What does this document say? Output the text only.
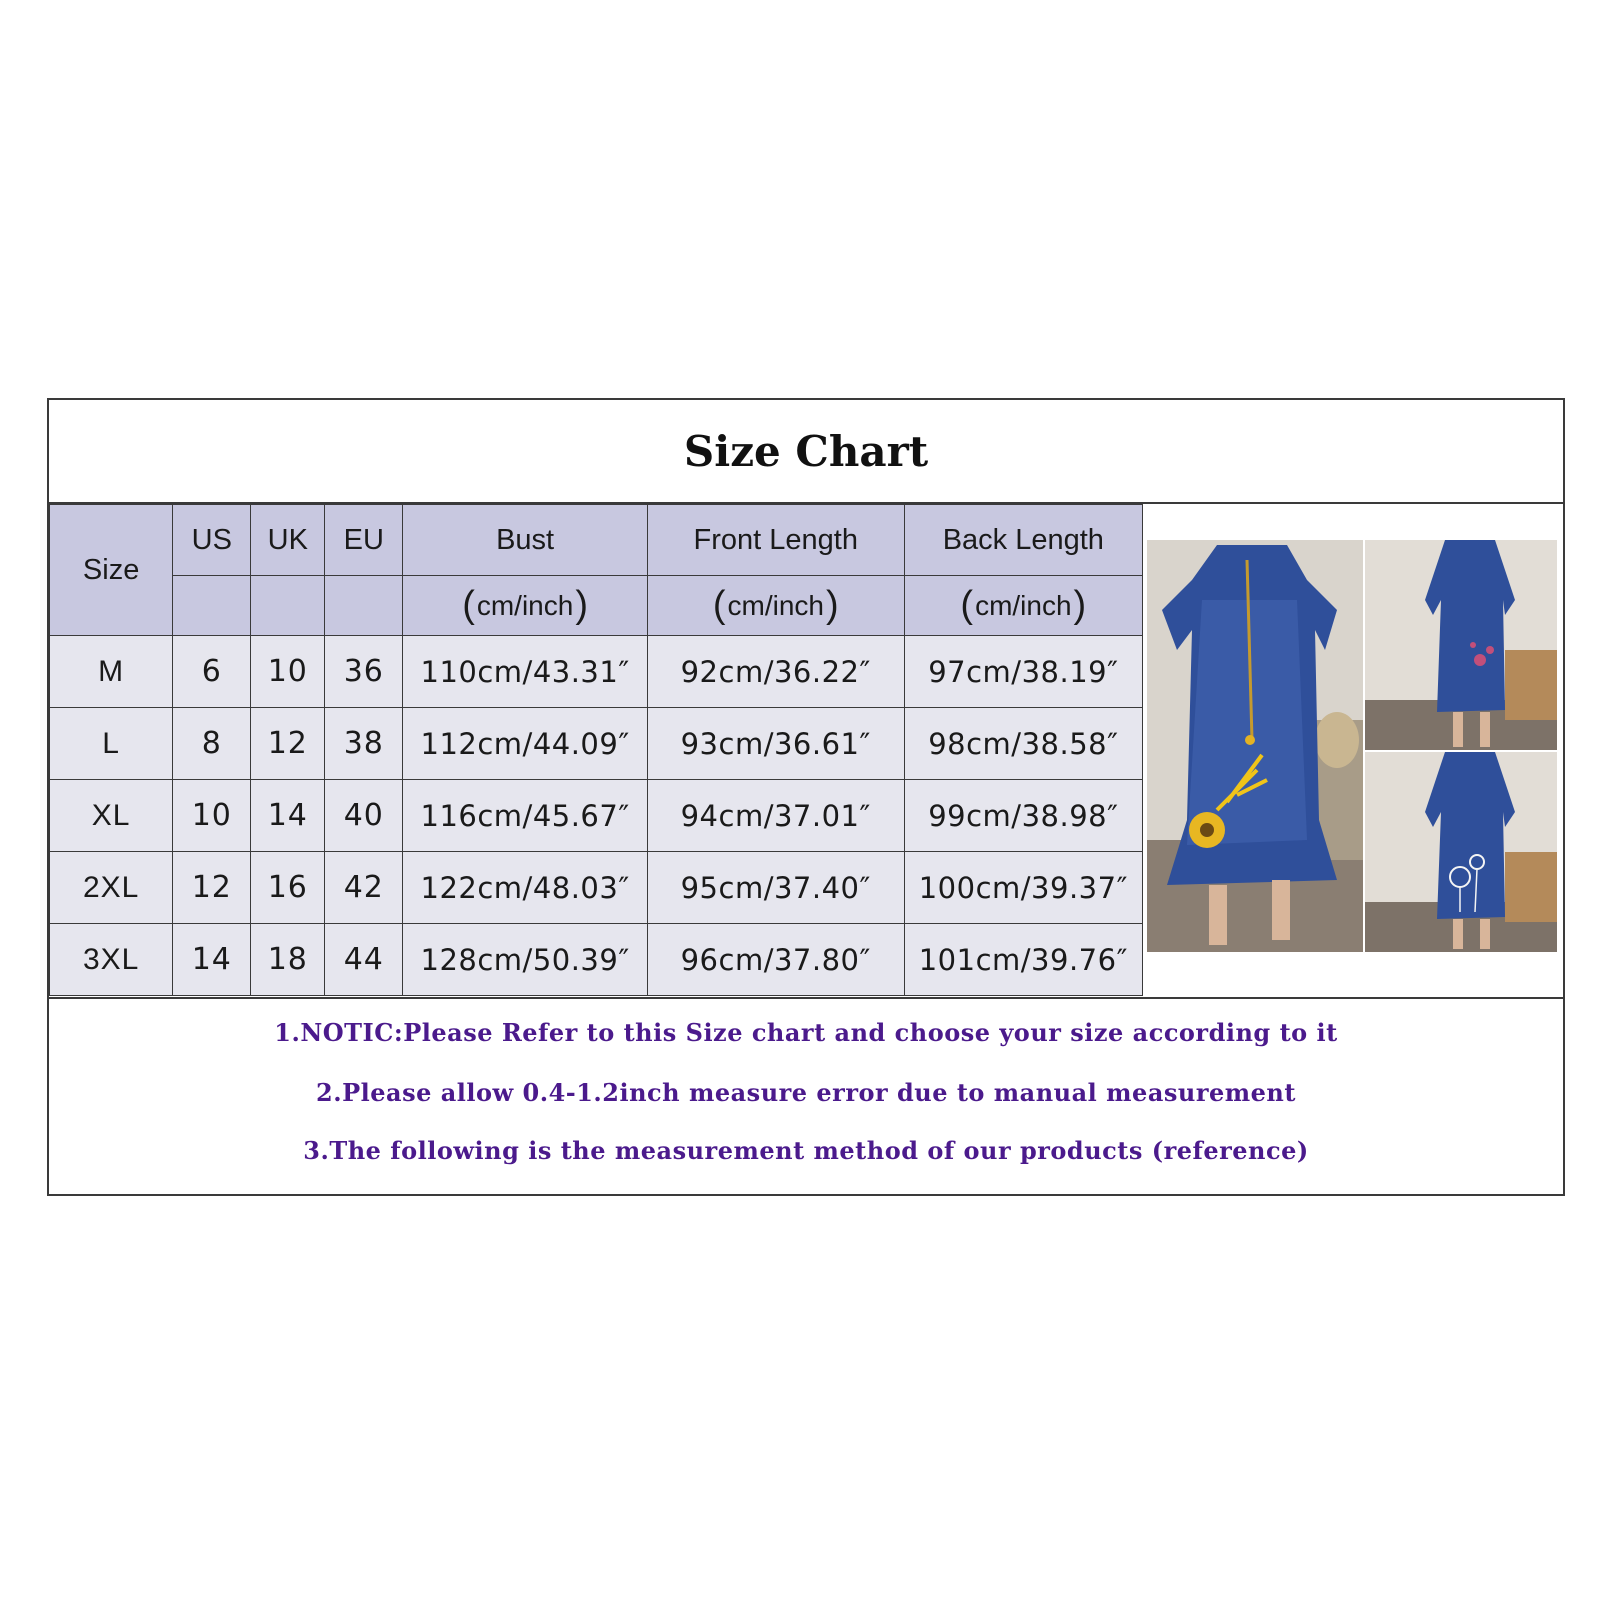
Size Chart
Size	US	UK	EU	Bust	Front Length	Back Length
				(cm/inch)	(cm/inch)	(cm/inch)
M	6	10	36	110cm/43.31″	92cm/36.22″	97cm/38.19″
L	8	12	38	112cm/44.09″	93cm/36.61″	98cm/38.58″
XL	10	14	40	116cm/45.67″	94cm/37.01″	99cm/38.98″
2XL	12	16	42	122cm/48.03″	95cm/37.40″	100cm/39.37″
3XL	14	18	44	128cm/50.39″	96cm/37.80″	101cm/39.76″
1.NOTIC:Please Refer to this Size chart and choose your size according to it
2.Please allow 0.4-1.2inch measure error due to manual measurement
3.The following is the measurement method of our products (reference)
